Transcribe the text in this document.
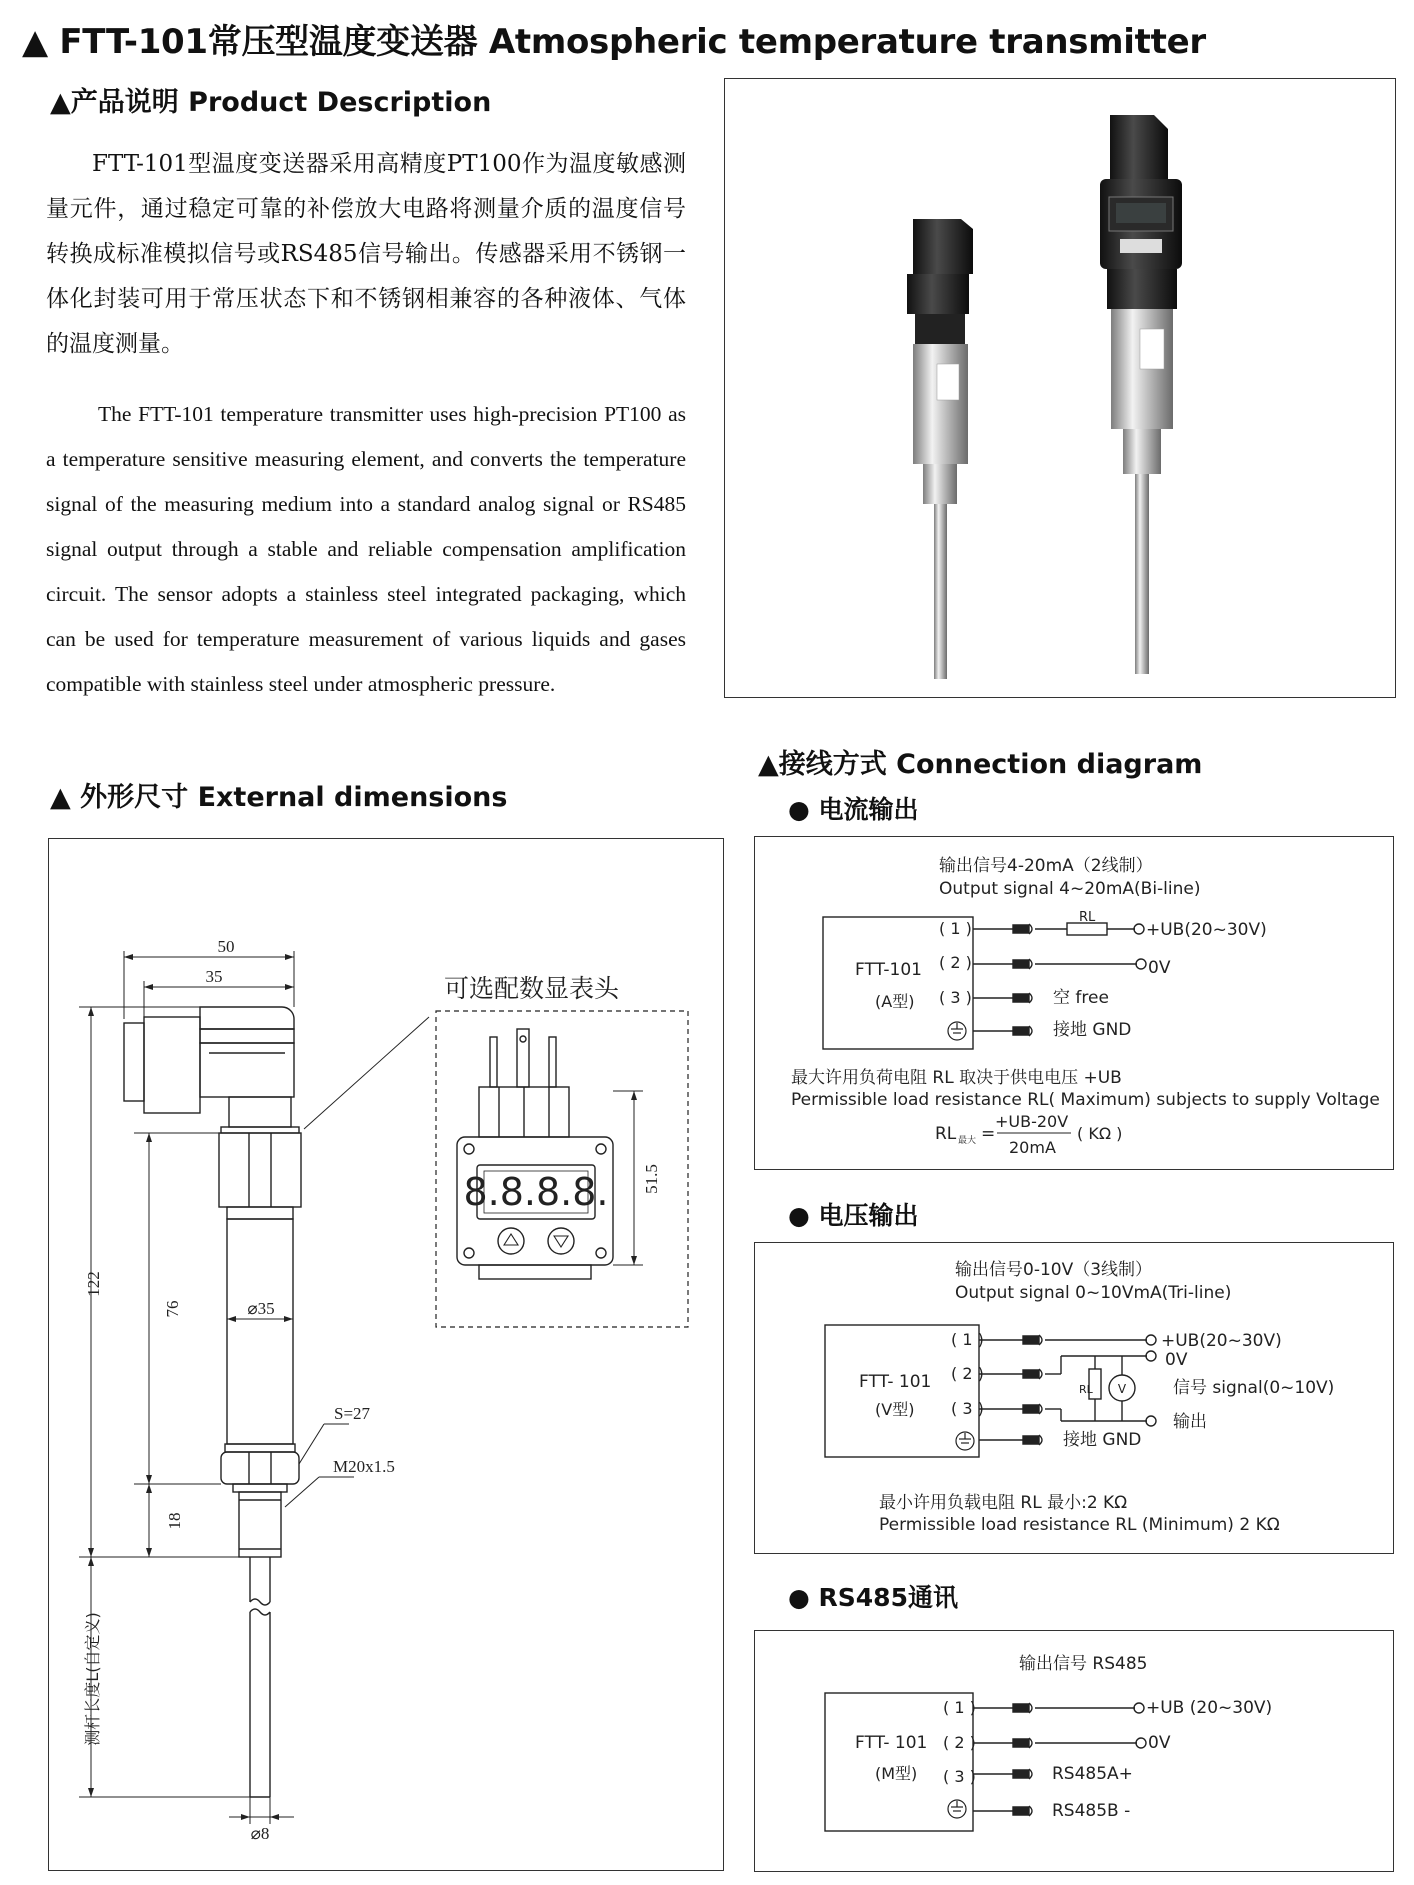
▲ FTT-101常压型温度变送器 Atmospheric temperature transmitter
▲产品说明 Product Description

FTT-101型温度变送器采用高精度PT100作为温度敏感测量元件，通过稳定可靠的补偿放大电路将测量介质的温度信号转换成标准模拟信号或RS485信号输出。传感器采用不锈钢一体化封装可用于常压状态下和不锈钢相兼容的各种液体、气体的温度测量。

The FTT-101 temperature transmitter uses high-precision PT100 as a temperature sensitive measuring element, and converts the temperature signal of the measuring medium into a standard analog signal or RS485 signal output through a stable and reliable compensation amplification circuit. The sensor adopts a stainless steel integrated packaging, which can be used for temperature measurement of various liquids and gases compatible with stainless steel under atmospheric pressure.

▲ 外形尺寸 External dimensions
50
35
122
76
18
⌀35
S=27
M20x1.5
测杆长度L(自定义)
⌀8
可选配数显表头
8.8.8.8. 51.5
▲接线方式 Connection diagram
● 电流输出
● 电压输出
● RS485通讯
输出信号4-20mA（2线制）
Output signal 4~20mA(Bi-line)
FTT-101
(A型)
( 1 )
( 2 )
( 3 )
RL
+UB(20~30V)
0V
空 free
接地 GND
最大许用负荷电阻 RL 取决于供电电压 +UB
Permissible load resistance RL( Maximum) subjects to supply Voltage
RL 最大 =
+UB-20V
20mA
( KΩ )
输出信号0-10V（3线制）
Output signal 0~10VmA(Tri-line)
FTT- 101
(V型)
( 1 )
( 2 )
( 3 )
RL V
+UB(20~30V)
0V
信号 signal(0~10V)
输出
接地 GND
最小许用负载电阻 RL 最小:2 KΩ
Permissible load resistance RL (Minimum) 2 KΩ
输出信号 RS485
FTT- 101
(M型)
( 1 )
( 2 )
( 3 )
+UB (20~30V)
0V
RS485A+
RS485B -
